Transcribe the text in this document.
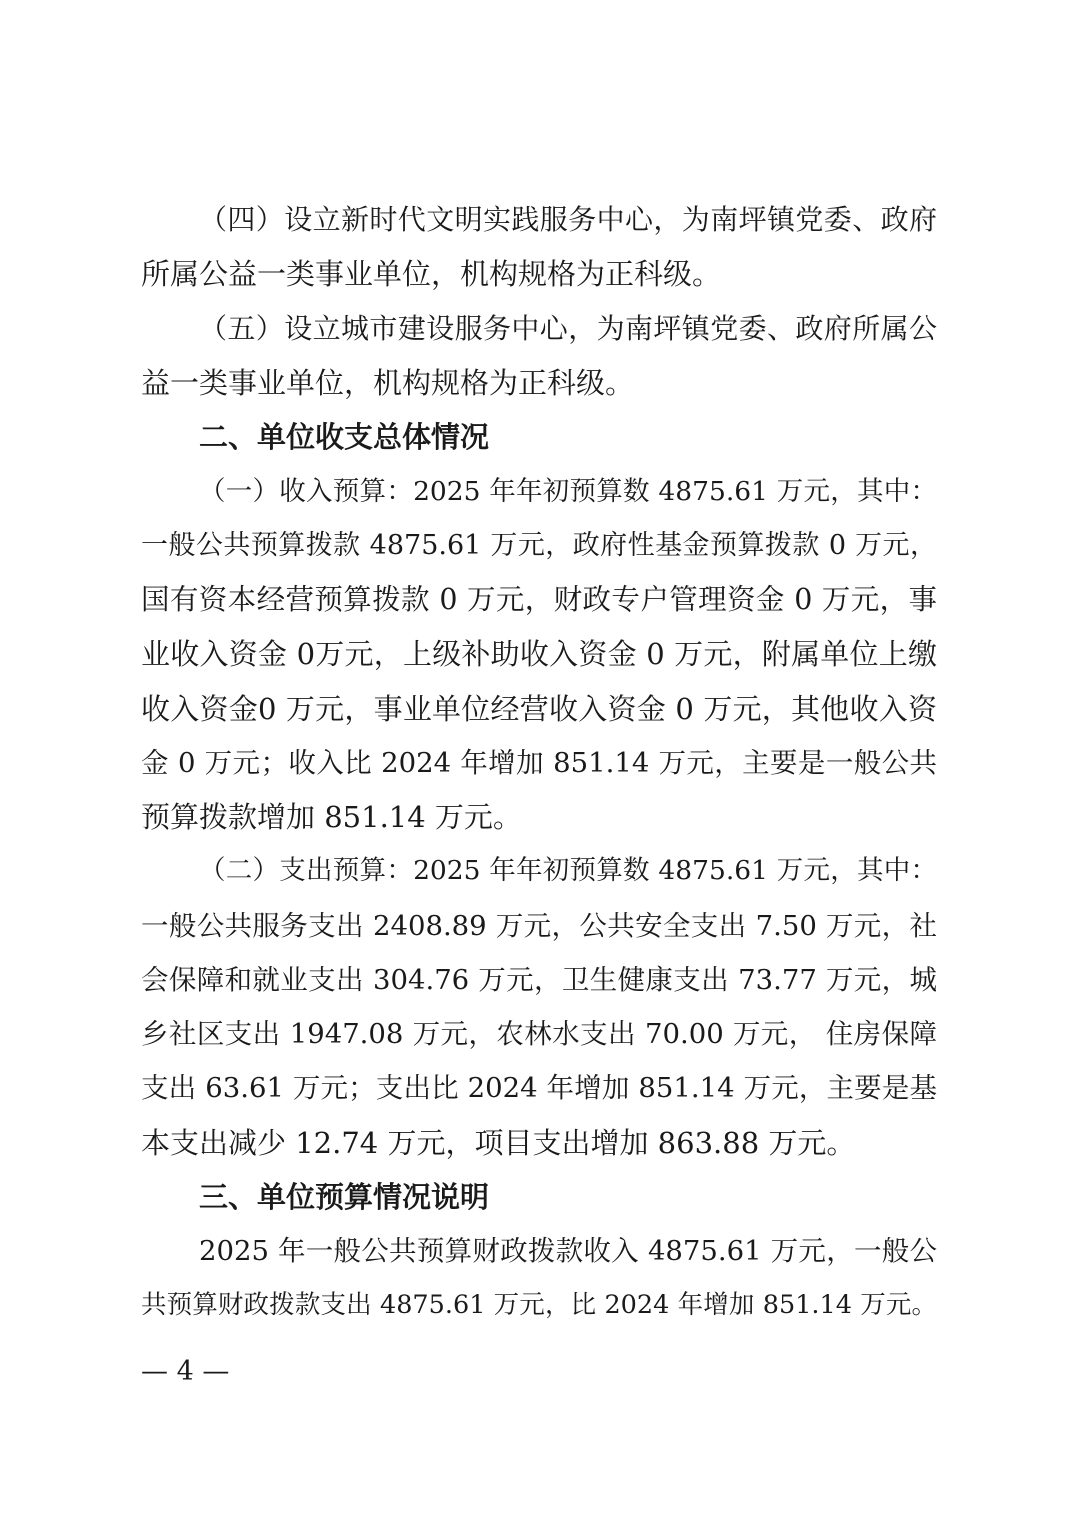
（四）设立新时代文明实践服务中心，为南坪镇党委、政府
所属公益一类事业单位，机构规格为正科级。
（五）设立城市建设服务中心，为南坪镇党委、政府所属公
益一类事业单位，机构规格为正科级。
二、单位收支总体情况
（一）收入预算：2025 年年初预算数 4875.61 万元，其中：
一般公共预算拨款 4875.61 万元，政府性基金预算拨款 0 万元，
国有资本经营预算拨款 0 万元，财政专户管理资金 0 万元，事
业收入资金 0万元，上级补助收入资金 0 万元，附属单位上缴
收入资金0 万元，事业单位经营收入资金 0 万元，其他收入资
金 0 万元；收入比 2024 年增加 851.14 万元，主要是一般公共
预算拨款增加 851.14 万元。
（二）支出预算：2025 年年初预算数 4875.61 万元，其中：
一般公共服务支出 2408.89 万元，公共安全支出 7.50 万元，社
会保障和就业支出 304.76 万元，卫生健康支出 73.77 万元，城
乡社区支出 1947.08 万元，农林水支出 70.00 万元， 住房保障
支出 63.61 万元；支出比 2024 年增加 851.14 万元，主要是基
本支出减少 12.74 万元，项目支出增加 863.88 万元。
三、单位预算情况说明
2025 年一般公共预算财政拨款收入 4875.61 万元，一般公
共预算财政拨款支出 4875.61 万元，比 2024 年增加 851.14 万元。
— 4 —
